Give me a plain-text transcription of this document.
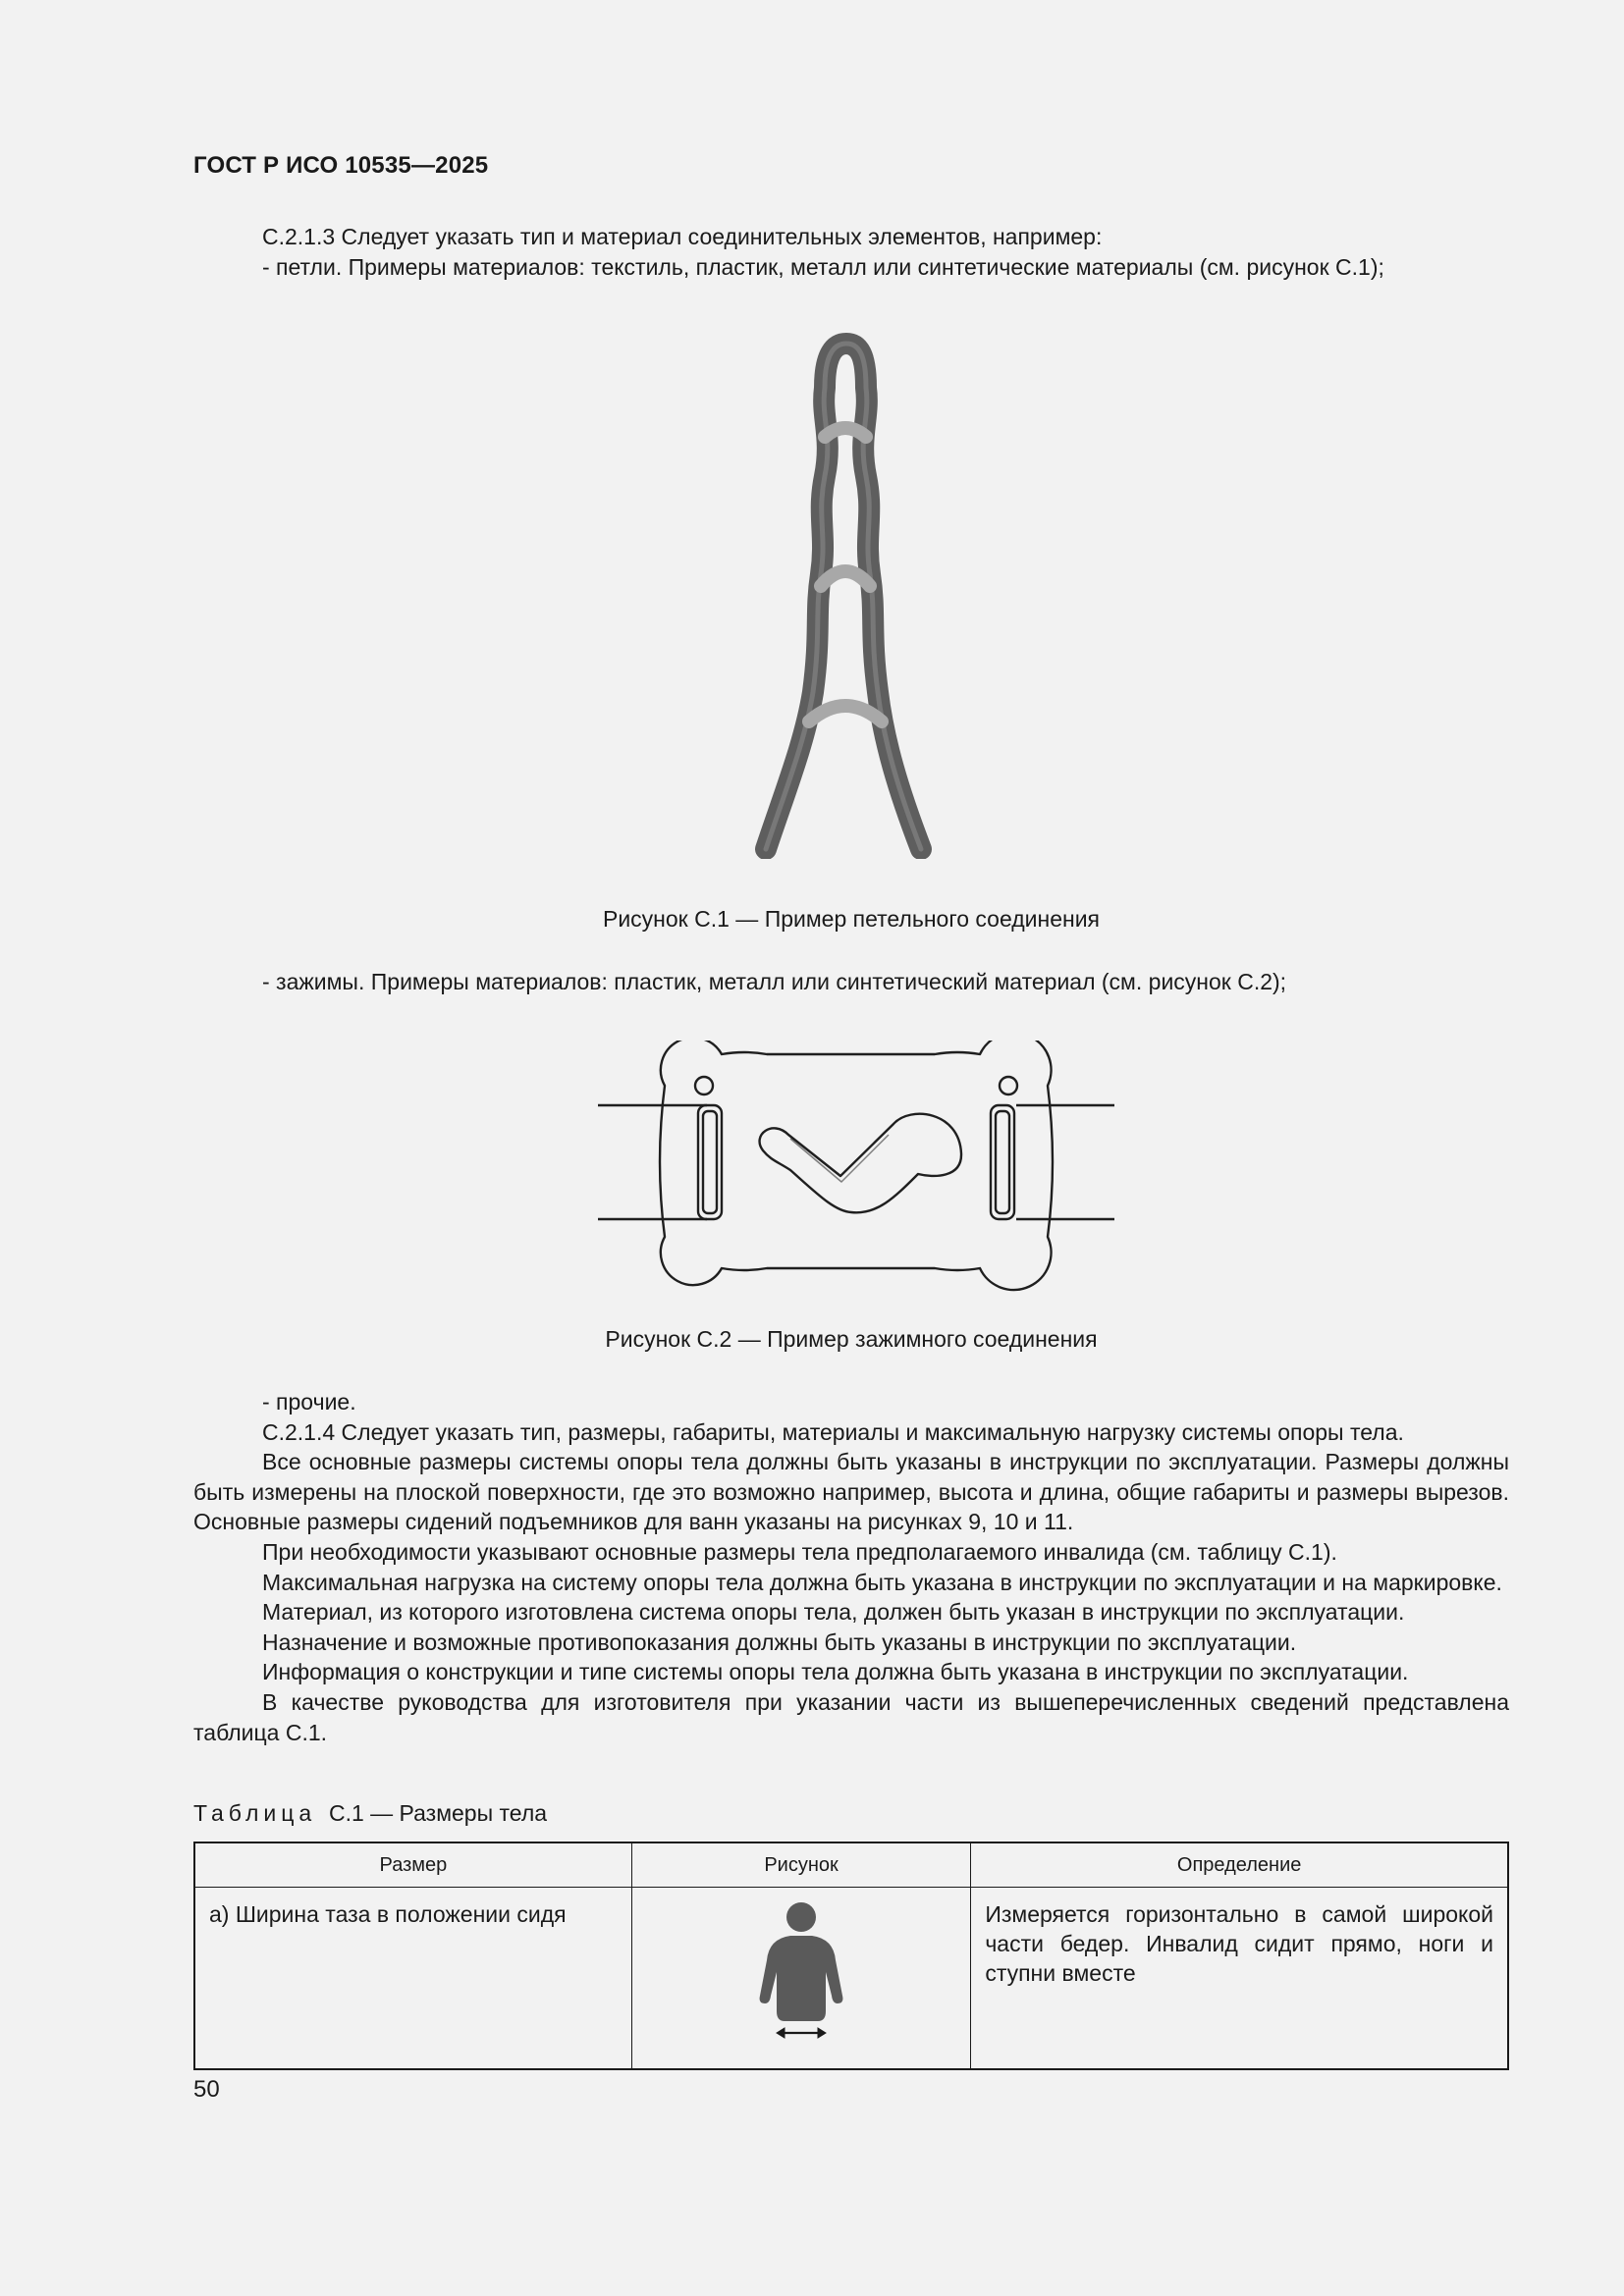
ГОСТ Р ИСО 10535—2025

С.2.1.3 Следует указать тип и материал соединительных элементов, например:

- петли. Примеры материалов: текстиль, пластик, металл или синтетические материалы (см. рисунок С.1);

Рисунок С.1 — Пример петельного соединения

- зажимы. Примеры материалов: пластик, металл или синтетический материал (см. рисунок С.2);

Рисунок С.2 — Пример зажимного соединения

- прочие.

С.2.1.4 Следует указать тип, размеры, габариты, материалы и максимальную нагрузку системы опоры тела.

Все основные размеры системы опоры тела должны быть указаны в инструкции по эксплуатации. Размеры должны быть измерены на плоской поверхности, где это возможно например, высота и длина, общие габариты и размеры вырезов. Основные размеры сидений подъемников для ванн указаны на рисунках 9, 10 и 11.

При необходимости указывают основные размеры тела предполагаемого инвалида (см. таблицу С.1).

Максимальная нагрузка на систему опоры тела должна быть указана в инструкции по эксплуатации и на маркировке.

Материал, из которого изготовлена система опоры тела, должен быть указан в инструкции по эксплуатации.

Назначение и возможные противопоказания должны быть указаны в инструкции по эксплуатации.

Информация о конструкции и типе системы опоры тела должна быть указана в инструкции по эксплуатации.

В качестве руководства для изготовителя при указании части из вышеперечисленных сведений представлена таблица С.1.

Таблица С.1 — Размеры тела
Размер	Рисунок	Определение
а) Ширина таза в положении сидя		Измеряется горизонтально в самой широкой части бедер. Инвалид сидит прямо, ноги и ступни вместе
50
